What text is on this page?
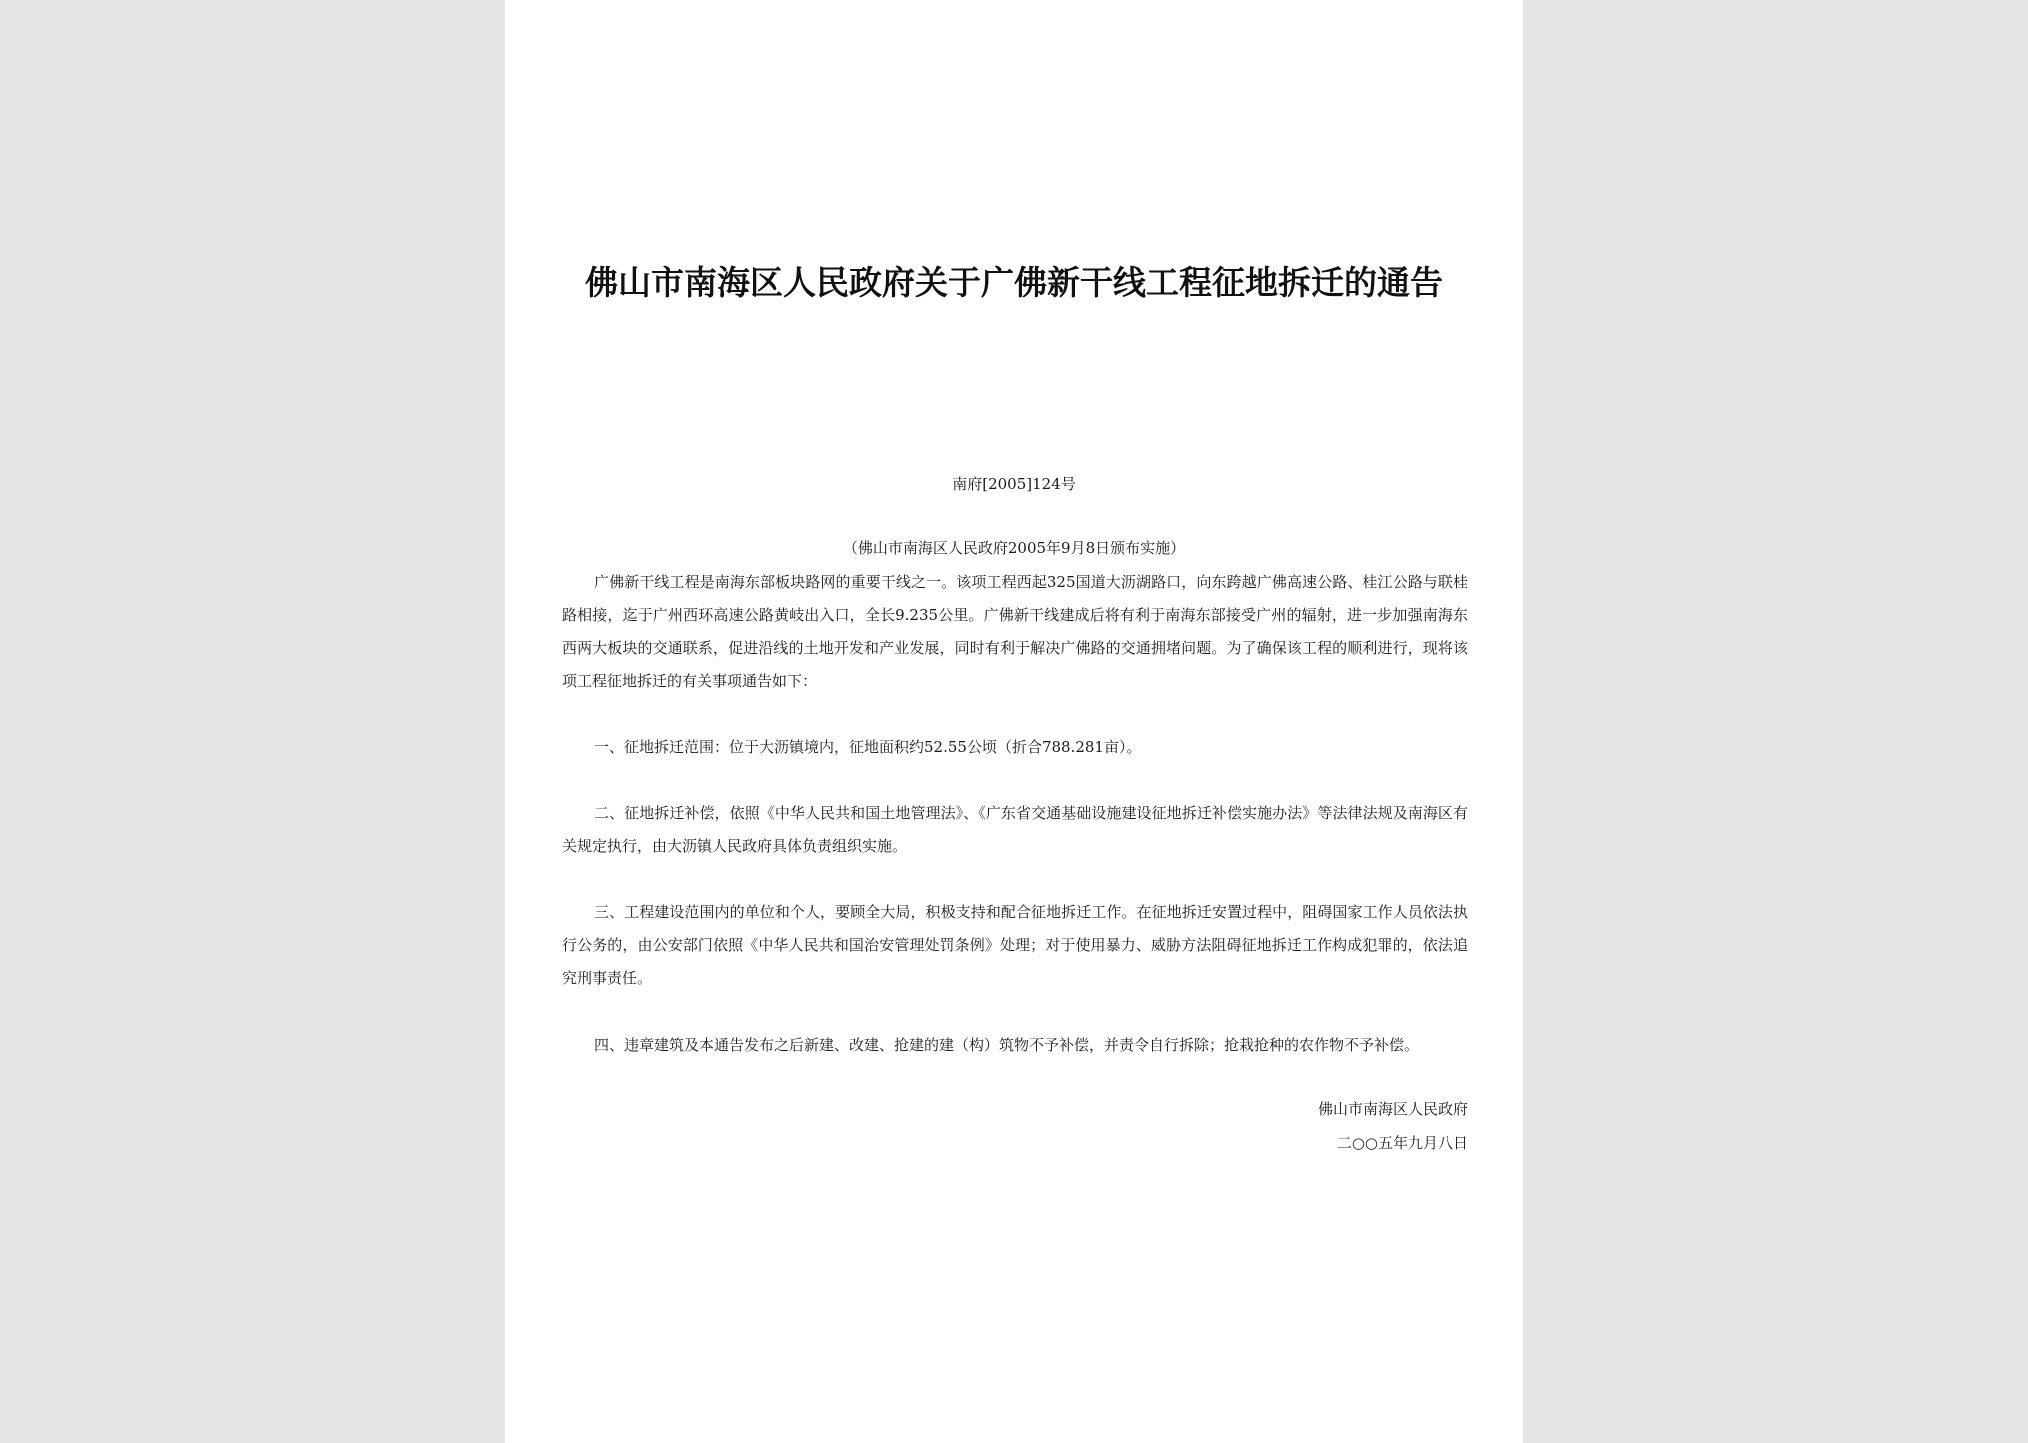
佛山市南海区人民政府关于广佛新干线工程征地拆迁的通告
南府[2005]124号
（佛山市南海区人民政府2005年9月8日颁布实施）

广佛新干线工程是南海东部板块路网的重要干线之一。该项工程西起325国道大沥湖路口，向东跨越广佛高速公路、桂江公路与联桂路相接，迄于广州西环高速公路黄岐出入口，全长9.235公里。广佛新干线建成后将有利于南海东部接受广州的辐射，进一步加强南海东西两大板块的交通联系，促进沿线的土地开发和产业发展，同时有利于解决广佛路的交通拥堵问题。为了确保该工程的顺利进行，现将该项工程征地拆迁的有关事项通告如下：

一、征地拆迁范围：位于大沥镇境内，征地面积约52.55公顷（折合788.281亩）。

二、征地拆迁补偿，依照《中华人民共和国土地管理法》、《广东省交通基础设施建设征地拆迁补偿实施办法》等法律法规及南海区有关规定执行，由大沥镇人民政府具体负责组织实施。

三、工程建设范围内的单位和个人，要顾全大局，积极支持和配合征地拆迁工作。在征地拆迁安置过程中，阻碍国家工作人员依法执行公务的，由公安部门依照《中华人民共和国治安管理处罚条例》处理；对于使用暴力、威胁方法阻碍征地拆迁工作构成犯罪的，依法追究刑事责任。

四、违章建筑及本通告发布之后新建、改建、抢建的建（构）筑物不予补偿，并责令自行拆除；抢栽抢种的农作物不予补偿。

佛山市南海区人民政府
二○○五年九月八日
